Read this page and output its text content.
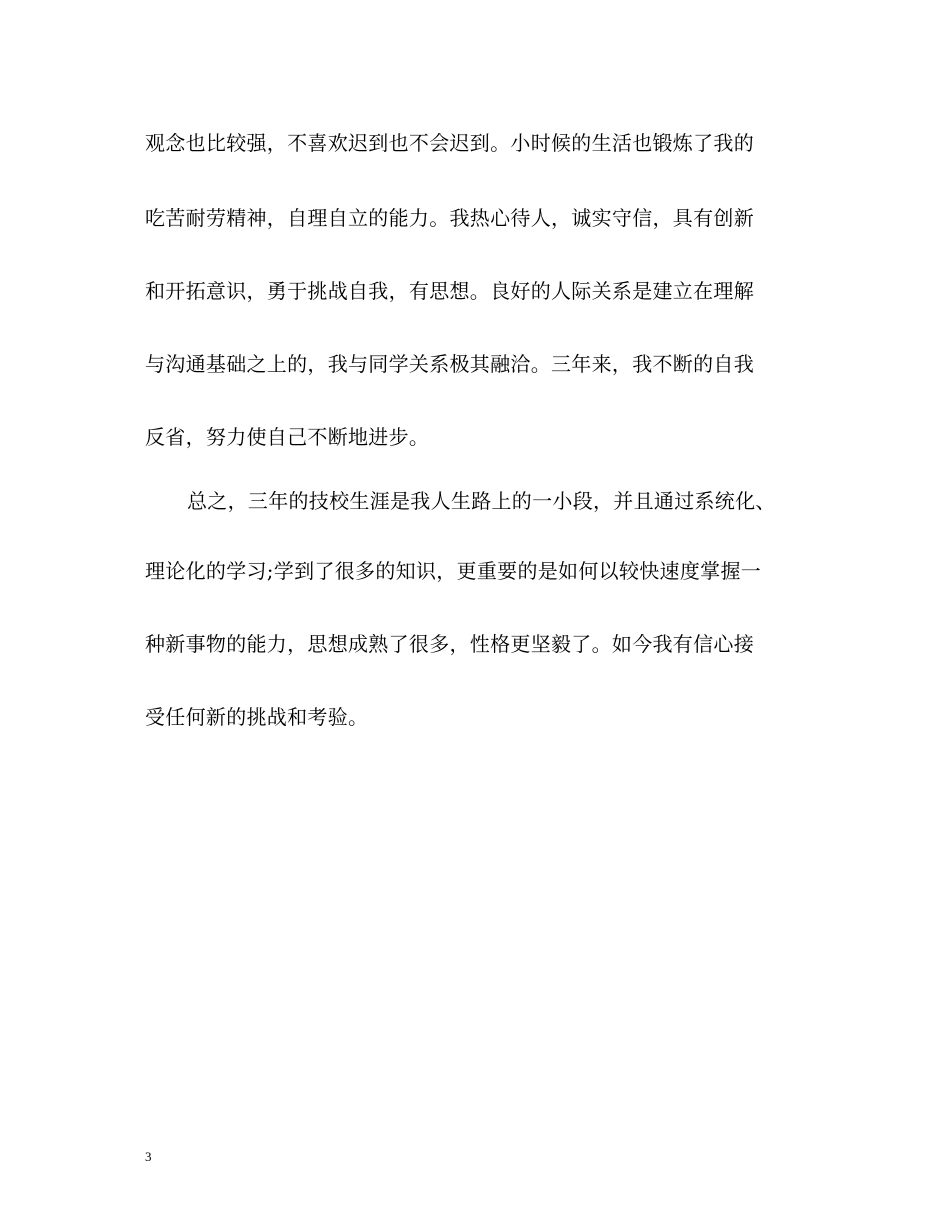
观念也比较强，不喜欢迟到也不会迟到。小时候的生活也锻炼了我的
吃苦耐劳精神，自理自立的能力。我热心待人，诚实守信，具有创新
和开拓意识，勇于挑战自我，有思想。良好的人际关系是建立在理解
与沟通基础之上的，我与同学关系极其融洽。三年来，我不断的自我
反省，努力使自己不断地进步。
总之，三年的技校生涯是我人生路上的一小段，并且通过系统化、
理论化的学习;学到了很多的知识，更重要的是如何以较快速度掌握一
种新事物的能力，思想成熟了很多，性格更坚毅了。如今我有信心接
受任何新的挑战和考验。
3
